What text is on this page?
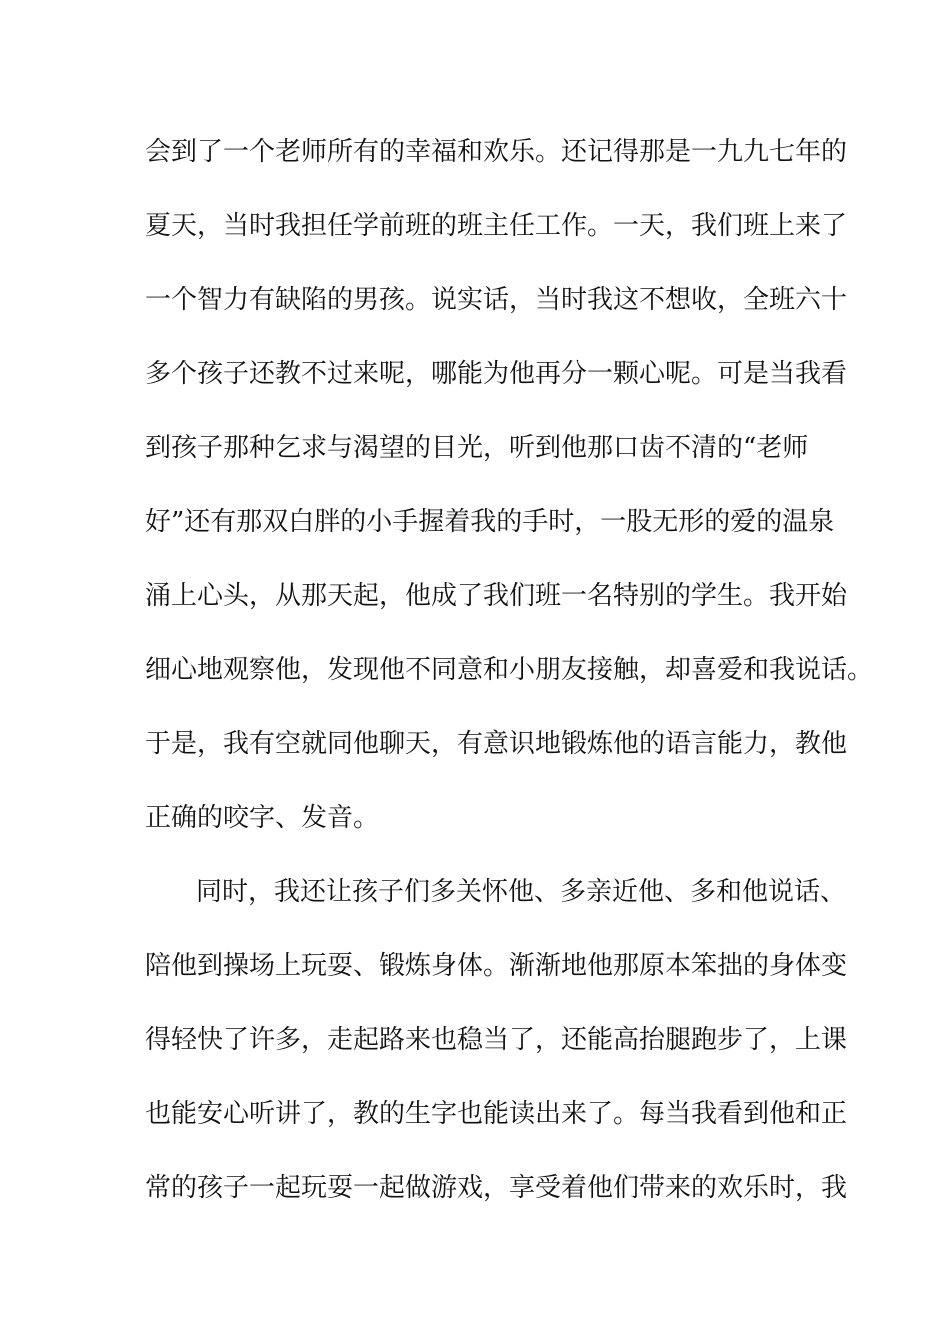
会到了一个老师所有的幸福和欢乐。还记得那是一九九七年的
夏天，当时我担任学前班的班主任工作。一天，我们班上来了
一个智力有缺陷的男孩。说实话，当时我这不想收，全班六十
多个孩子还教不过来呢，哪能为他再分一颗心呢。可是当我看
到孩子那种乞求与渴望的目光，听到他那口齿不清的“老师
好”还有那双白胖的小手握着我的手时，一股无形的爱的温泉
涌上心头，从那天起，他成了我们班一名特别的学生。我开始
细心地观察他，发现他不同意和小朋友接触，却喜爱和我说话。
于是，我有空就同他聊天，有意识地锻炼他的语言能力，教他
正确的咬字、发音。
同时，我还让孩子们多关怀他、多亲近他、多和他说话、
陪他到操场上玩耍、锻炼身体。渐渐地他那原本笨拙的身体变
得轻快了许多，走起路来也稳当了，还能高抬腿跑步了，上课
也能安心听讲了，教的生字也能读出来了。每当我看到他和正
常的孩子一起玩耍一起做游戏，享受着他们带来的欢乐时，我
